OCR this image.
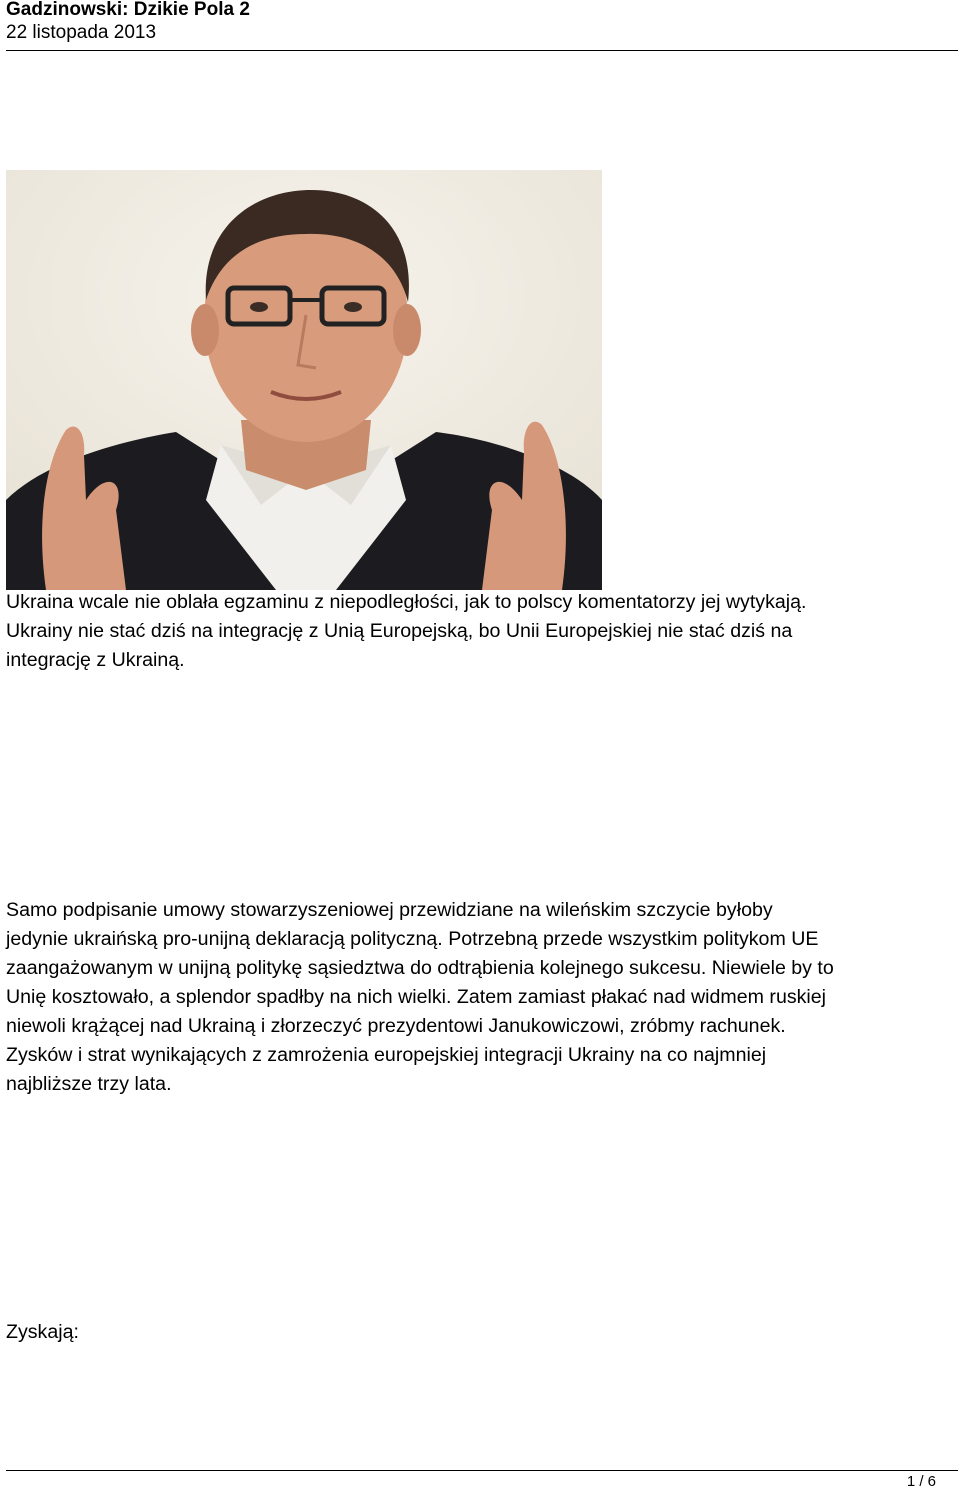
Gadzinowski: Dzikie Pola 2
22 listopada 2013
Ukraina wcale nie oblała egzaminu z niepodległości, jak to polscy komentatorzy jej wytykają.
Ukrainy nie stać dziś na integrację z Unią Europejską, bo Unii Europejskiej nie stać dziś na
integrację z Ukrainą.
Samo podpisanie umowy stowarzyszeniowej przewidziane na wileńskim szczycie byłoby
jedynie ukraińską pro-unijną deklaracją polityczną. Potrzebną przede wszystkim politykom UE
zaangażowanym w unijną politykę sąsiedztwa do odtrąbienia kolejnego sukcesu. Niewiele by to
Unię kosztowało, a splendor spadłby na nich wielki. Zatem zamiast płakać nad widmem ruskiej
niewoli krążącej nad Ukrainą i złorzeczyć prezydentowi Janukowiczowi, zróbmy rachunek.
Zysków i strat wynikających z zamrożenia europejskiej integracji Ukrainy na co najmniej
najbliższe trzy lata.
Zyskają:
1 / 6
